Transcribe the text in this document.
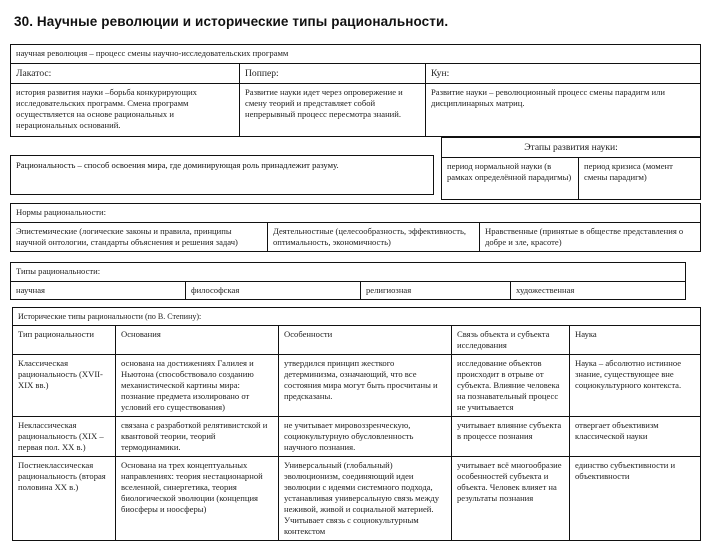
30. Научные революции и исторические типы рациональности.
научная революция – процесс смены научно-исследовательских программ		
Лакатос:	Поппер:	Кун:
история развития науки –борьба конкурирующих исследовательских программ. Смена программ осуществляется на основе рациональных и нерациональных оснований.	Развитие науки идет через опровержение и смену теорий и представляет собой непрерывный процесс пересмотра знаний.	Развитие науки – революционный процесс смены парадигм или дисциплинарных матриц.
Рациональность – способ освоения мира, где доминирующая роль принадлежит разуму.
Этапы развития науки:
период нормальной науки (в рамках определённой парадигмы)	период кризиса (момент смены парадигм)
Нормы рациональности:
Эпистемические (логические законы и правила, принципы научной онтологии, стандарты объяснения и решения задач)	Деятельностные (целесообразность, эффективность, оптимальность, экономичность)	Нравственные (принятые в обществе представления о добре и зле, красоте)
Типы рациональности:
научная	философская	религиозная	художественная
Исторические типы рациональности (по В. Степину):				
Тип рациональности	Основания	Особенности	Связь объекта и субъекта исследования	Наука
Классическая рациональность (XVII-XIX вв.)	основана на достижениях Галилея и Ньютона (способствовало созданию механистической картины мира: познание предмета изолировано от условий его существования)	утвердился принцип жесткого детерминизма, означающий, что все состояния мира могут быть просчитаны и предсказаны.	исследование объектов происходит в отрыве от субъекта. Влияние человека на познавательный процесс не учитывается	Наука – абсолютно истинное знание, существующее вне социокультурного контекста.
Неклассическая рациональность (XIX – первая пол. XX в.)	связана с разработкой релятивистской и квантовой теории, теорий термодинамики.	не учитывает мировоззренческую, социокультурную обусловленность научного познания.	учитывает влияние субъекта в процессе познания	отвергает объективизм классической науки
Постнеклассическая рациональность (вторая половина XX в.)	Основана на трех концептуальных направлениях: теория нестационарной вселенной, синергетика, теория биологической эволюции (концепция биосферы и ноосферы)	Универсальный (глобальный) эволюционизм, соединяющий идеи эволюции с идеями системного подхода, устанавливая универсальную связь между неживой, живой и социальной материей. Учитывает связь с социокультурным контекстом	учитывает всё многообразие особенностей субъекта и объекта. Человек влияет на результаты познания	единство субъективности и объективности
